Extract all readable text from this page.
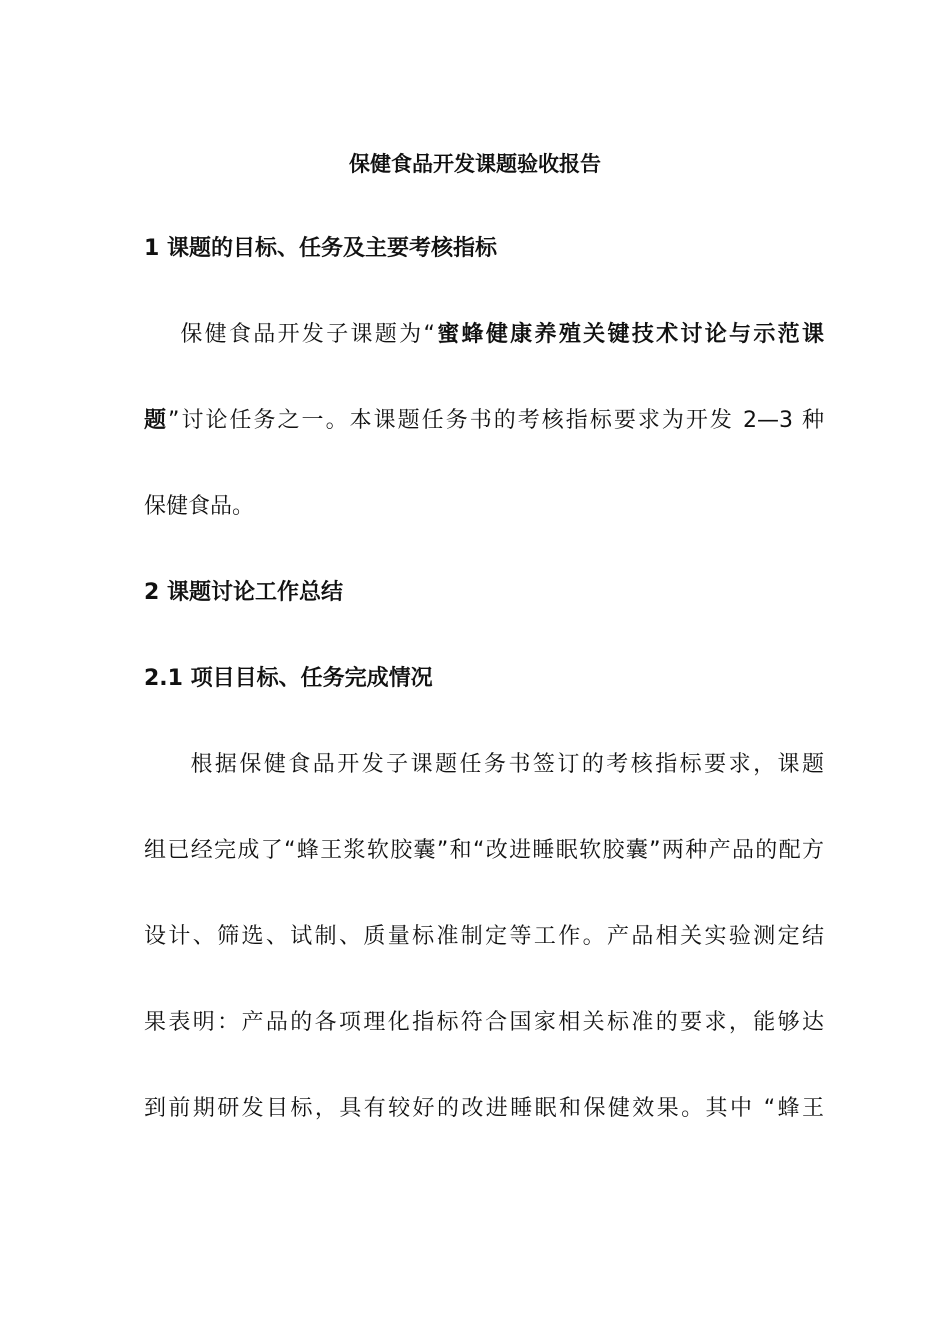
保健食品开发课题验收报告
1 课题的目标、任务及主要考核指标
保健食品开发子课题为“蜜蜂健康养殖关键技术讨论与示范课
题”讨论任务之一。本课题任务书的考核指标要求为开发 2—3 种
保健食品。
2 课题讨论工作总结
2.1 项目目标、任务完成情况
根据保健食品开发子课题任务书签订的考核指标要求，课题
组已经完成了“蜂王浆软胶囊”和“改进睡眠软胶囊”两种产品的配方
设计、筛选、试制、质量标准制定等工作。产品相关实验测定结
果表明：产品的各项理化指标符合国家相关标准的要求，能够达
到前期研发目标，具有较好的改进睡眠和保健效果。其中 “蜂王
